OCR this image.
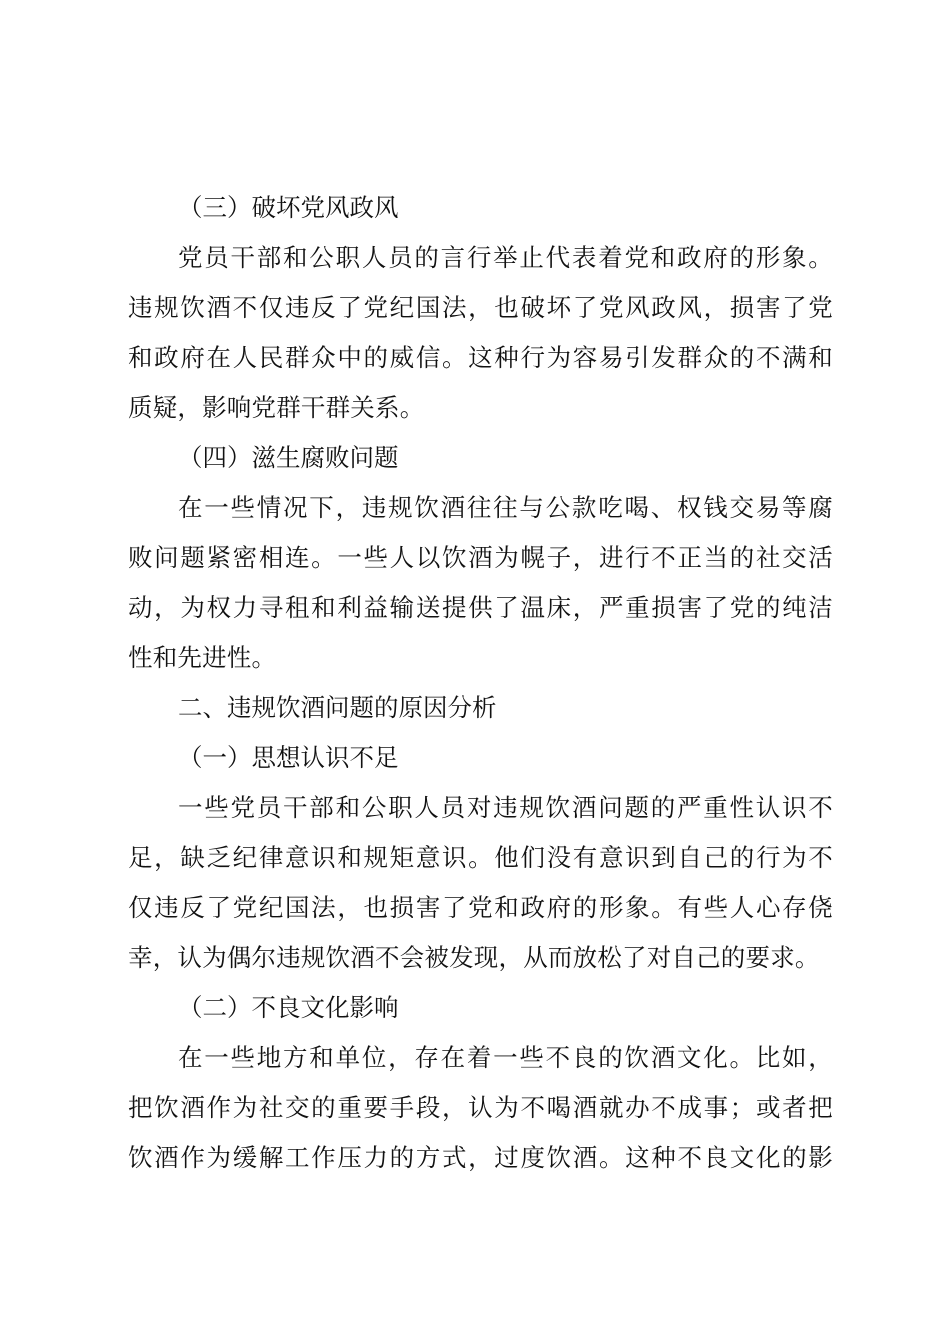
（三）破坏党风政风
党员干部和公职人员的言行举止代表着党和政府的形象。
违规饮酒不仅违反了党纪国法，也破坏了党风政风，损害了党
和政府在人民群众中的威信。这种行为容易引发群众的不满和
质疑，影响党群干群关系。
（四）滋生腐败问题
在一些情况下，违规饮酒往往与公款吃喝、权钱交易等腐
败问题紧密相连。一些人以饮酒为幌子，进行不正当的社交活
动，为权力寻租和利益输送提供了温床，严重损害了党的纯洁
性和先进性。
二、违规饮酒问题的原因分析
（一）思想认识不足
一些党员干部和公职人员对违规饮酒问题的严重性认识不
足，缺乏纪律意识和规矩意识。他们没有意识到自己的行为不
仅违反了党纪国法，也损害了党和政府的形象。有些人心存侥
幸，认为偶尔违规饮酒不会被发现，从而放松了对自己的要求。
（二）不良文化影响
在一些地方和单位，存在着一些不良的饮酒文化。比如，
把饮酒作为社交的重要手段，认为不喝酒就办不成事；或者把
饮酒作为缓解工作压力的方式，过度饮酒。这种不良文化的影
